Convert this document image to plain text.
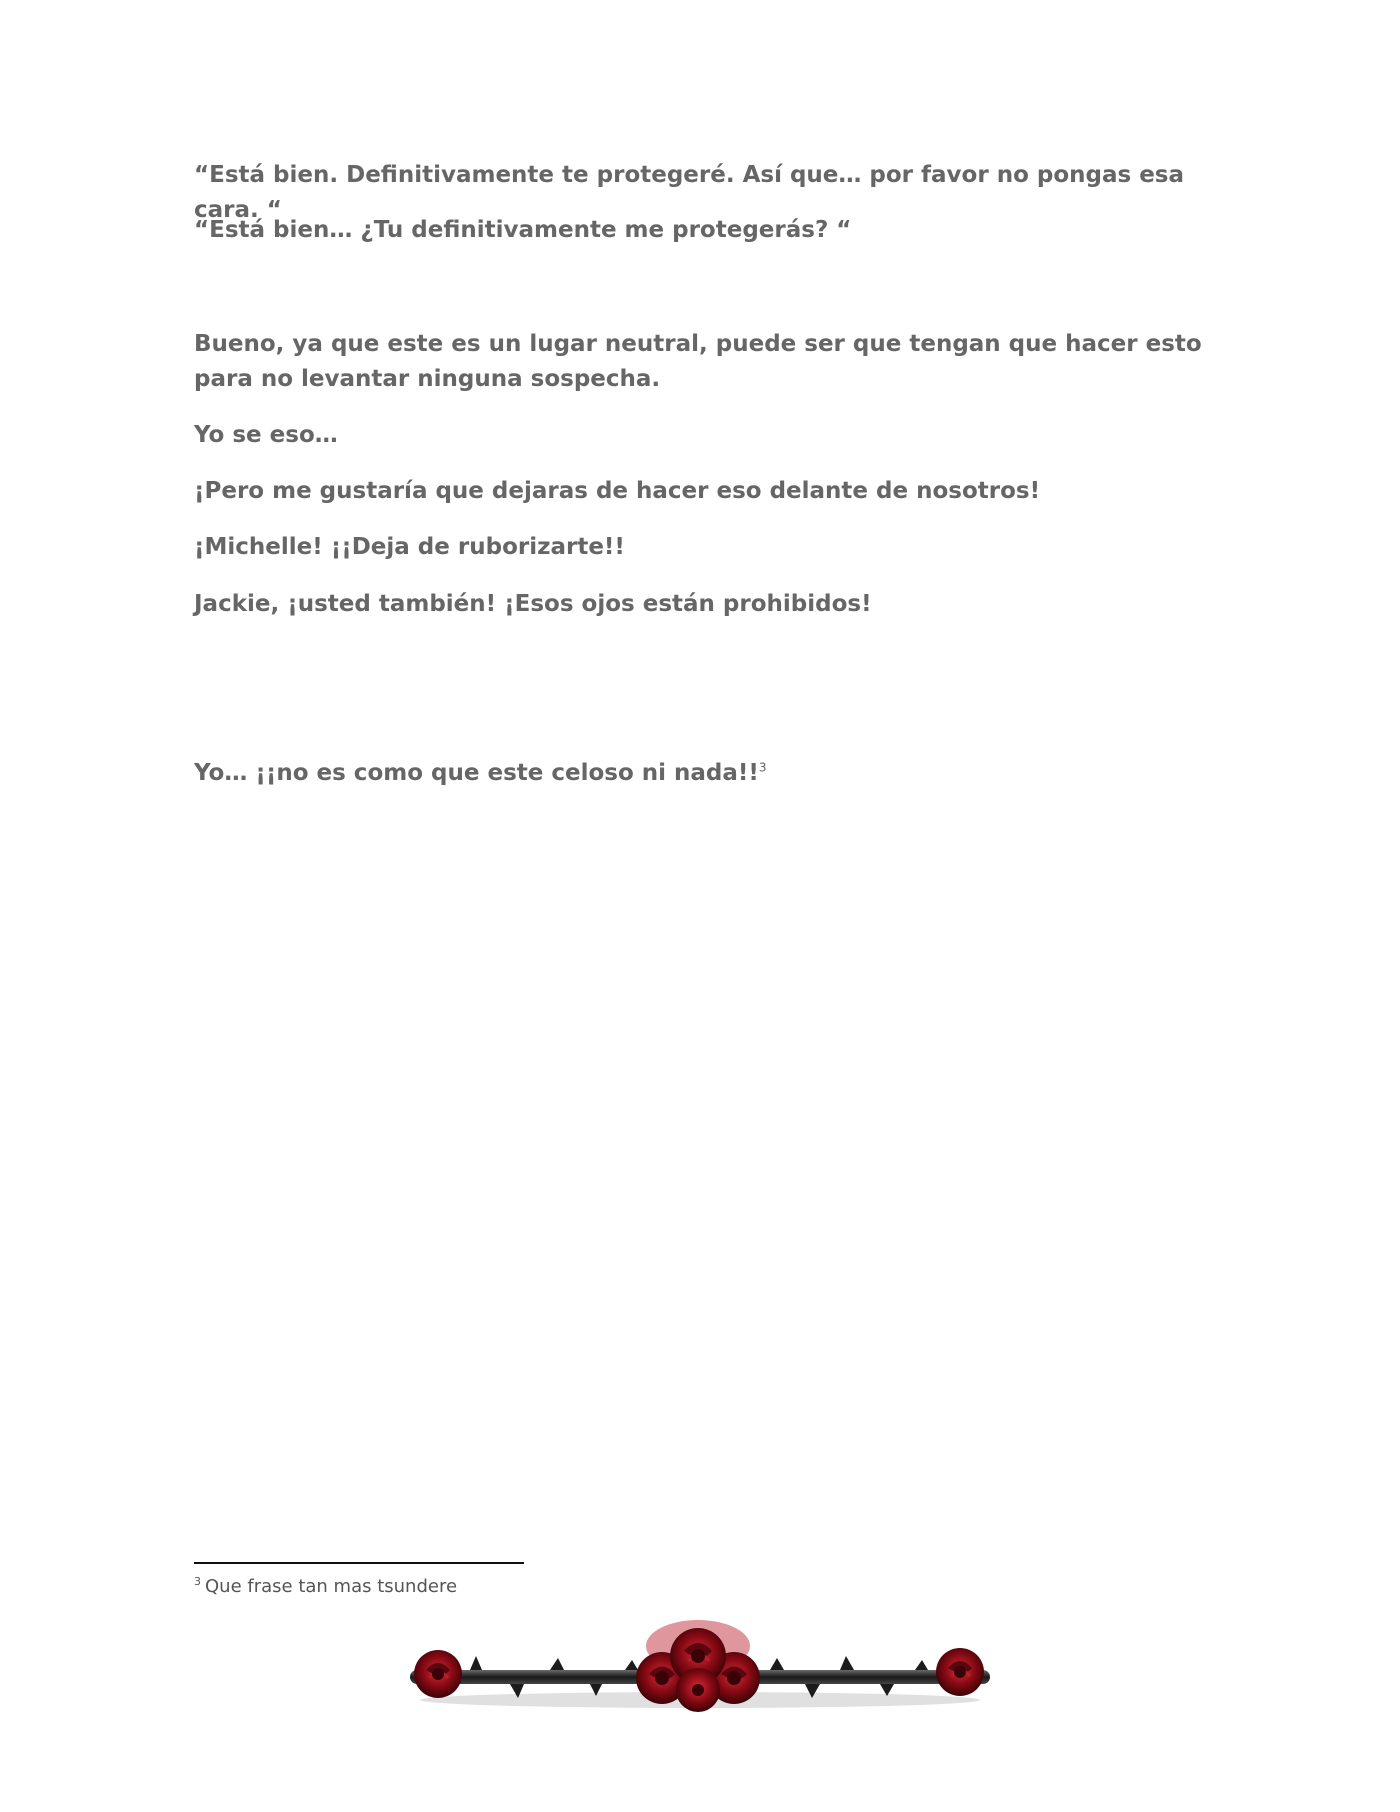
“Está bien. Definitivamente te protegeré. Así que… por favor no pongas esa cara. “

“Está bien… ¿Tu definitivamente me protegerás? “

Bueno, ya que este es un lugar neutral, puede ser que tengan que hacer esto para no levantar ninguna sospecha.

Yo se eso…

¡Pero me gustaría que dejaras de hacer eso delante de nosotros!

¡Michelle! ¡¡Deja de ruborizarte!!

Jackie, ¡usted también! ¡Esos ojos están prohibidos!

Yo… ¡¡no es como que este celoso ni nada!!$^3$

$^3$ Que frase tan mas tsundere
